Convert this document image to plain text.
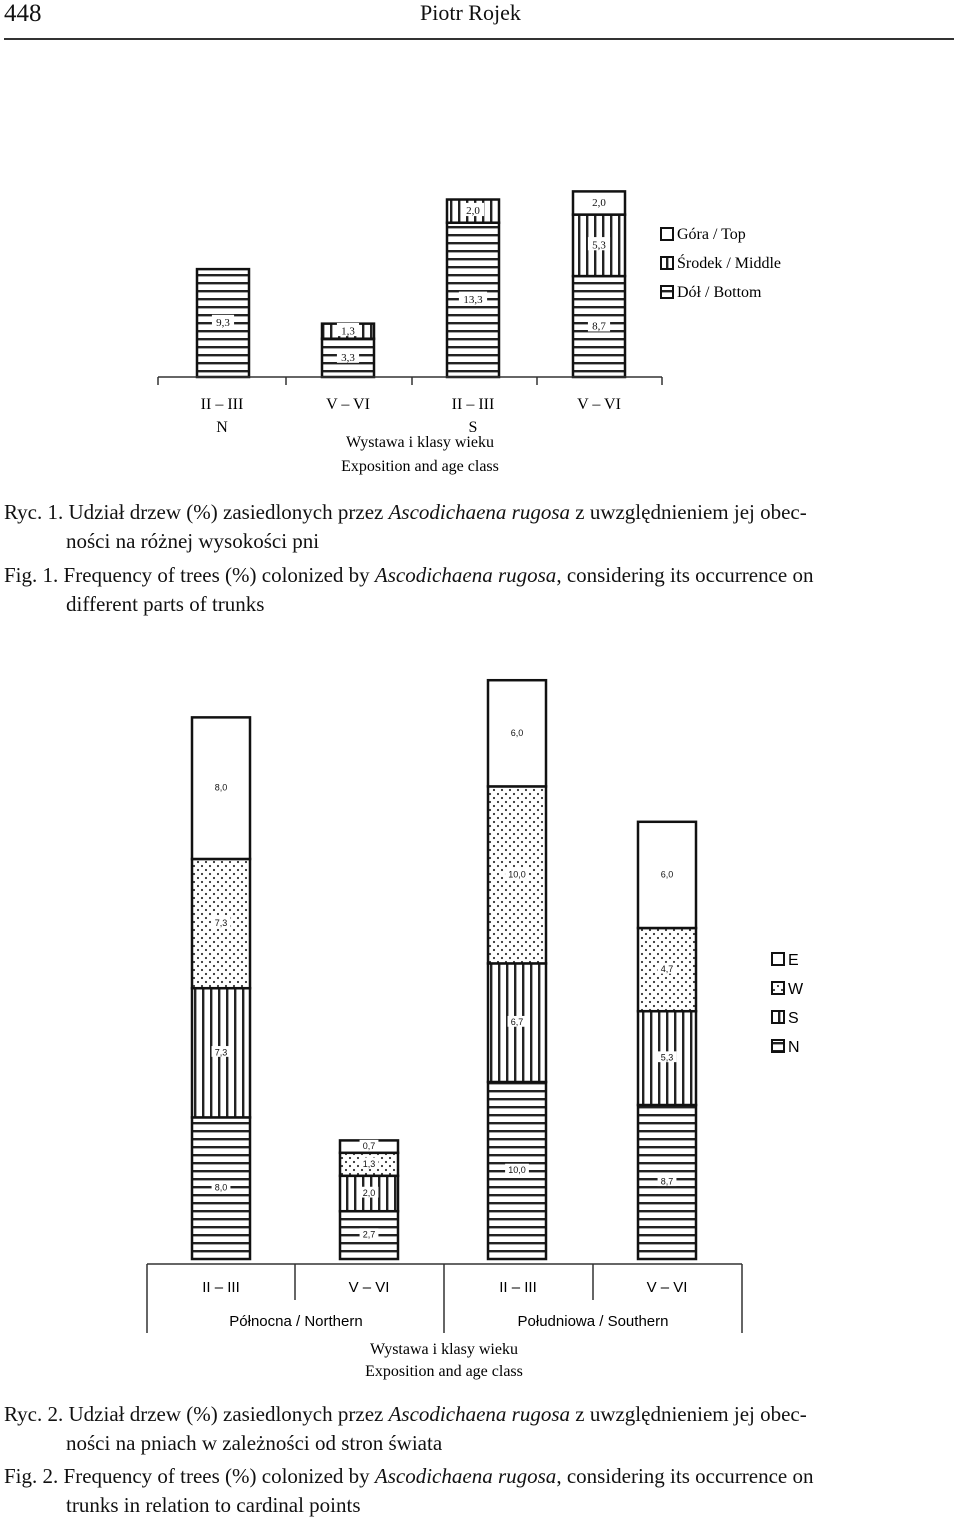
448	Piotr Rojek
9,3
3,3
1,3
13,3
2,0
8,7
5,3
2,0
II – III	V – VI	II – III	V – VI
N	S
Wystawa i klasy wieku
Exposition and age class
Góra / Top
Środek / Middle
Dół / Bottom
Ryc. 1. Udział drzew (%) zasiedlonych przez Ascodichaena rugosa z uwzględnieniem jej obec-
ności na różnej wysokości pni
Fig. 1. Frequency of trees (%) colonized by Ascodichaena rugosa, considering its occurrence on
different parts of trunks
8,0
7,3
7,3
8,0
2,7
2,0
1,3
0,7
10,0
6,7
10,0
6,0
8,7
5,3
4,7
6,0
II – III	V – VI	II – III	V – VI
Północna / Northern	Południowa / Southern
Wystawa i klasy wieku
Exposition and age class
E
W
S
N
Ryc. 2. Udział drzew (%) zasiedlonych przez Ascodichaena rugosa z uwzględnieniem jej obec-
ności na pniach w zależności od stron świata
Fig. 2. Frequency of trees (%) colonized by Ascodichaena rugosa, considering its occurrence on
trunks in relation to cardinal points
